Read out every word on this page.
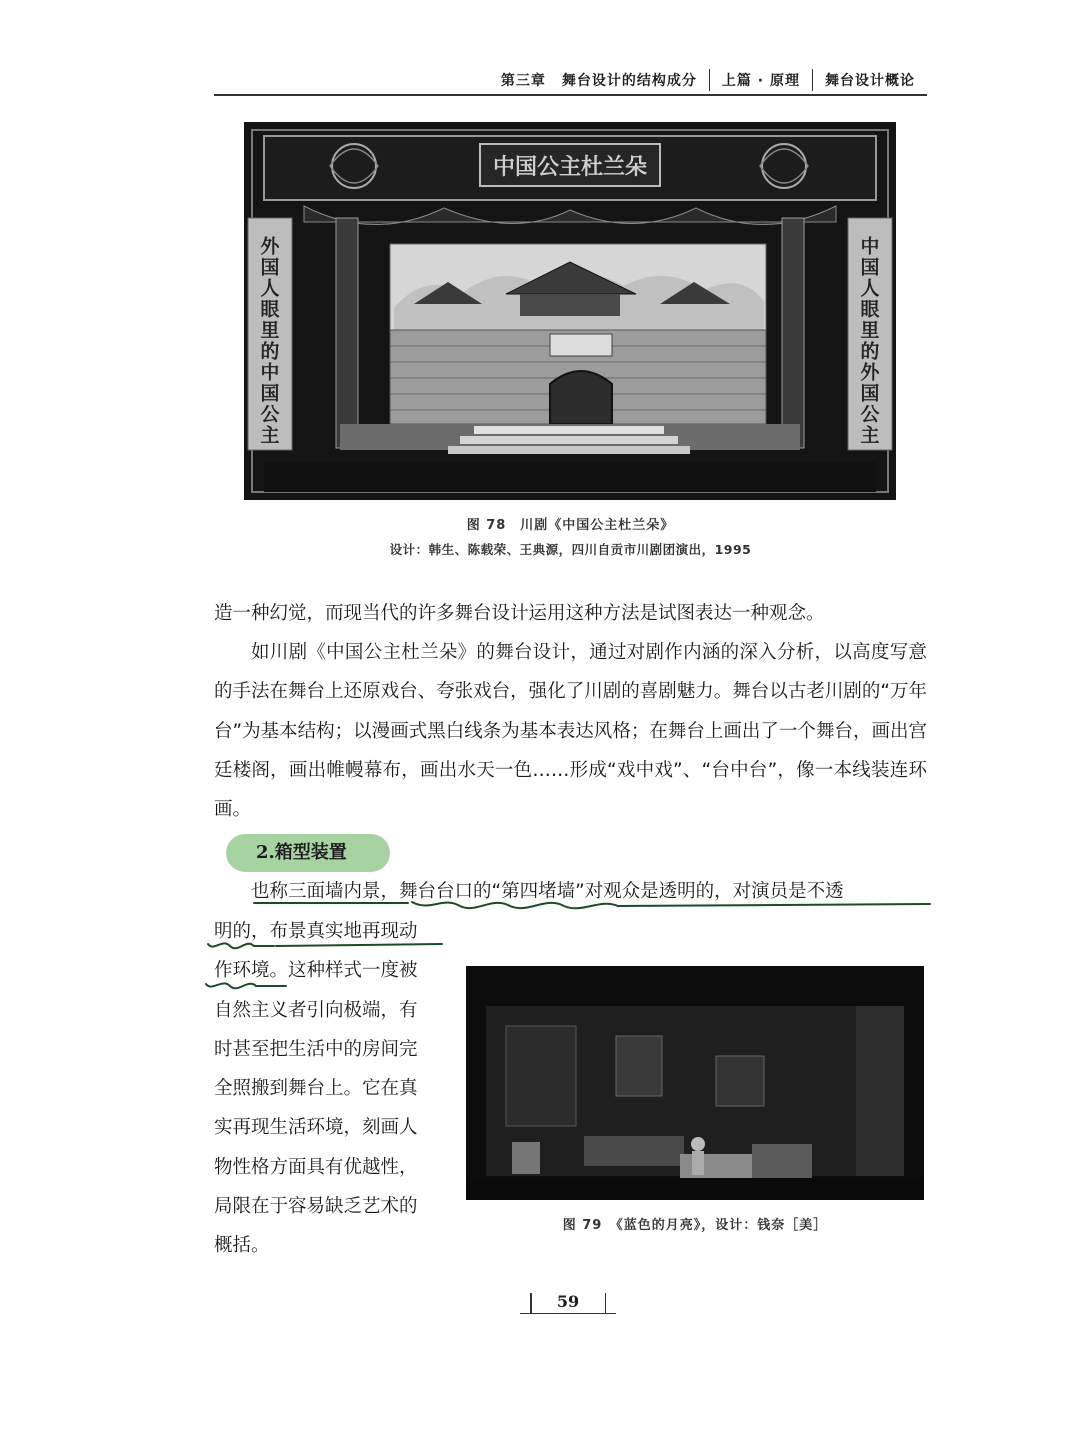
第三章 舞台设计的结构成分	上篇 · 原理	舞台设计概论
中国公主杜兰朵
外
国
人
眼
里
的
中
国
公
主
中
国
人
眼
里
的
外
国
公
主
图 78　川剧《中国公主杜兰朵》
设计：韩生、陈载荣、王典源，四川自贡市川剧团演出，1995

造一种幻觉，而现当代的许多舞台设计运用这种方法是试图表达一种观念。

如川剧《中国公主杜兰朵》的舞台设计，通过对剧作内涵的深入分析，以高度写意的手法在舞台上还原戏台、夸张戏台，强化了川剧的喜剧魅力。舞台以古老川剧的“万年台”为基本结构；以漫画式黑白线条为基本表达风格；在舞台上画出了一个舞台，画出宫廷楼阁，画出帷幔幕布，画出水天一色……形成“戏中戏”、“台中台”，像一本线装连环画。

2.箱型装置
也称三面墙内景，舞台台口的“第四堵墙”对观众是透明的，对演员是不透

明的，布景真实地再现动

作环境。这种样式一度被

自然主义者引向极端，有

时甚至把生活中的房间完

全照搬到舞台上。它在真

实再现生活环境，刻画人

物性格方面具有优越性，

局限在于容易缺乏艺术的

概括。

图 79　《蓝色的月亮》，设计：钱奈［美］
59
